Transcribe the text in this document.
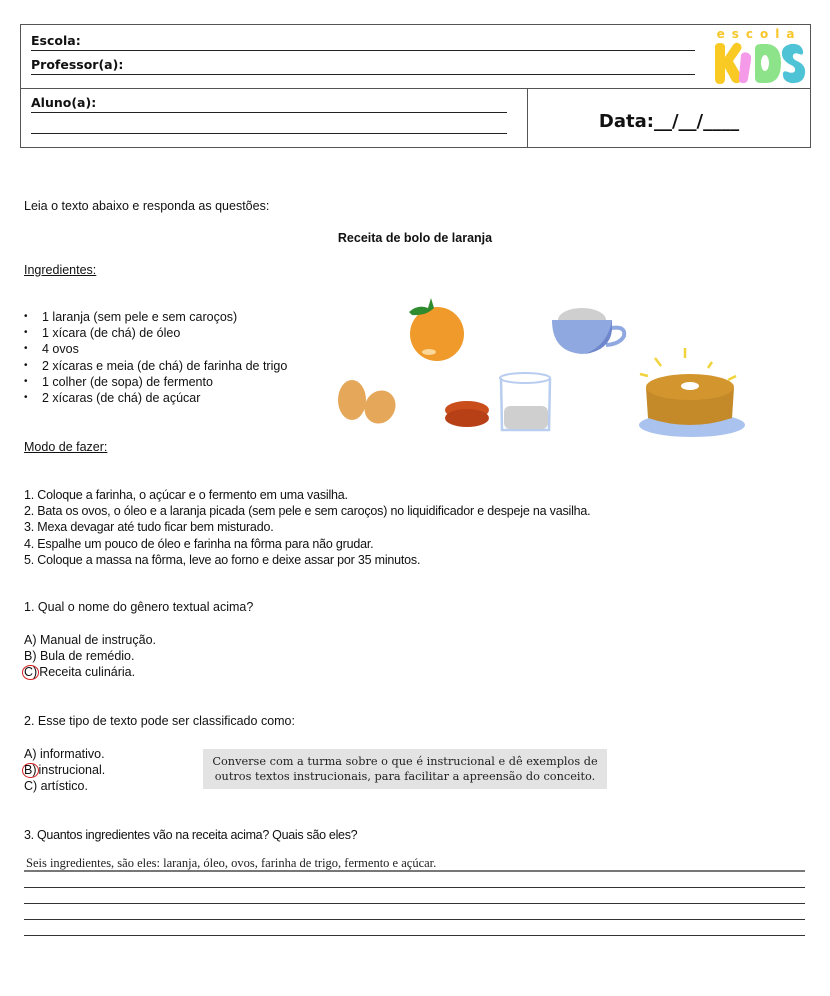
Escola:
Professor(a):
escola
Aluno(a):
Data:__/__/____
Leia o texto abaixo e responda as questões:
Receita de bolo de laranja
Ingredientes:
• 1 laranja (sem pele e sem caroços)
• 1 xícara (de chá) de óleo
• 4 ovos
• 2 xícaras e meia (de chá) de farinha de trigo
• 1 colher (de sopa) de fermento
• 2 xícaras (de chá) de açúcar
Modo de fazer:
1. Coloque a farinha, o açúcar e o fermento em uma vasilha.
2. Bata os ovos, o óleo e a laranja picada (sem pele e sem caroços) no liquidificador e despeje na vasilha.
3. Mexa devagar até tudo ficar bem misturado.
4. Espalhe um pouco de óleo e farinha na fôrma para não grudar.
5. Coloque a massa na fôrma, leve ao forno e deixe assar por 35 minutos.
1. Qual o nome do gênero textual acima?
A) Manual de instrução.
B) Bula de remédio.
C) Receita culinária.
2. Esse tipo de texto pode ser classificado como:
A) informativo.
B) instrucional.
C) artístico.
Converse com a turma sobre o que é instrucional e dê exemplos de
outros textos instrucionais, para facilitar a apreensão do conceito.
3. Quantos ingredientes vão na receita acima? Quais são eles?
Seis ingredientes, são eles: laranja, óleo, ovos, farinha de trigo, fermento e açúcar.
